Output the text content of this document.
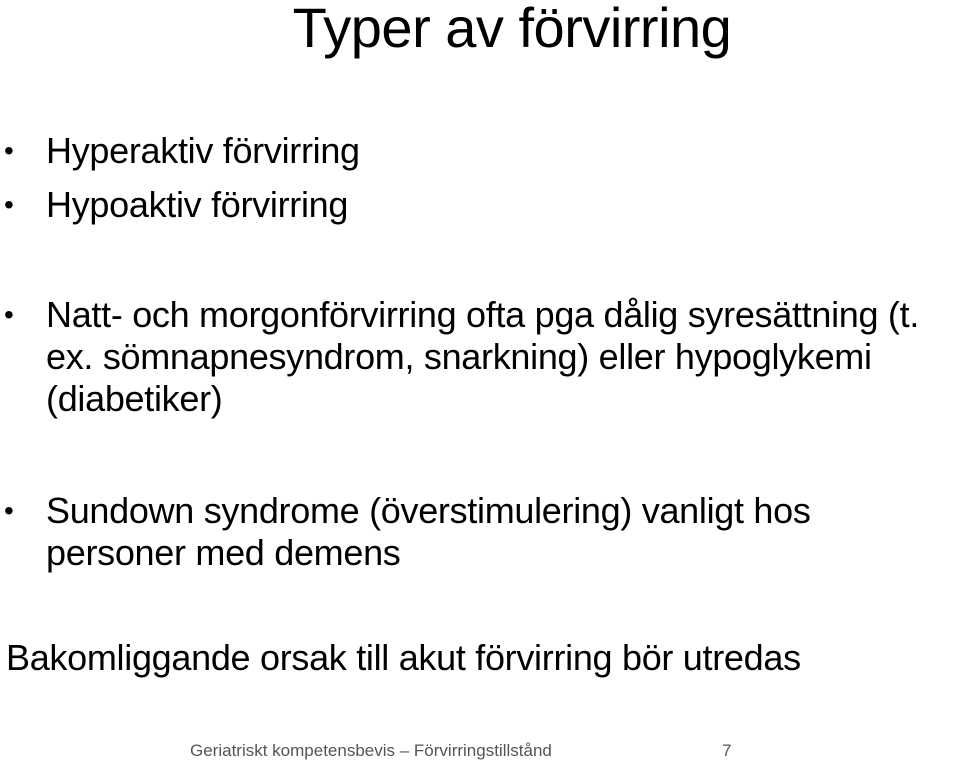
Typer av förvirring
• Hyperaktiv förvirring
• Hypoaktiv förvirring
• Natt- och morgonförvirring ofta pga dålig syresättning (t. ex. sömnapnesyndrom, snarkning) eller hypoglykemi (diabetiker)
• Sundown syndrome (överstimulering) vanligt hos personer med demens
Bakomliggande orsak till akut förvirring bör utredas
Geriatriskt kompetensbevis – Förvirringstillstånd	7
